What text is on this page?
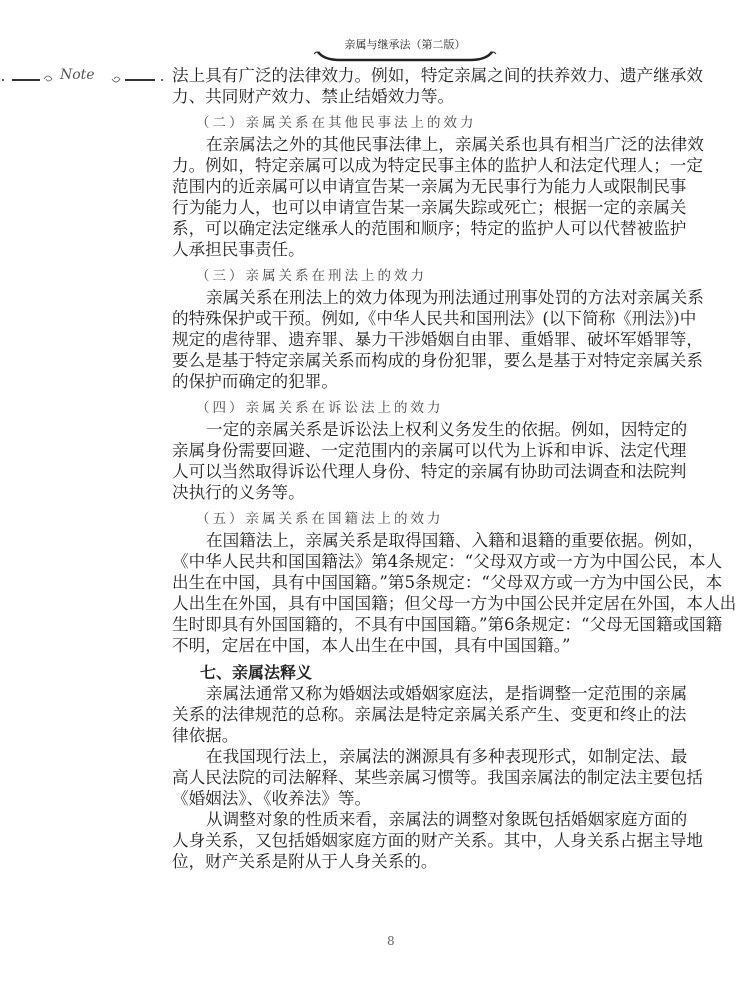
亲属与继承法（第二版）
Note	法上具有广泛的法律效力。例如，特定亲属之间的扶养效力、遗产继承效
力、共同财产效力、禁止结婚效力等。
（二）亲属关系在其他民事法上的效力
在亲属法之外的其他民事法律上，亲属关系也具有相当广泛的法律效
力。例如，特定亲属可以成为特定民事主体的监护人和法定代理人；一定
范围内的近亲属可以申请宣告某一亲属为无民事行为能力人或限制民事
行为能力人，也可以申请宣告某一亲属失踪或死亡；根据一定的亲属关
系，可以确定法定继承人的范围和顺序；特定的监护人可以代替被监护
人承担民事责任。
（三）亲属关系在刑法上的效力
亲属关系在刑法上的效力体现为刑法通过刑事处罚的方法对亲属关系
的特殊保护或干预。例如,《中华人民共和国刑法》(以下简称《刑法》)中
规定的虐待罪、遗弃罪、暴力干涉婚姻自由罪、重婚罪、破坏军婚罪等，
要么是基于特定亲属关系而构成的身份犯罪，要么是基于对特定亲属关系
的保护而确定的犯罪。
（四）亲属关系在诉讼法上的效力
一定的亲属关系是诉讼法上权利义务发生的依据。例如，因特定的
亲属身份需要回避、一定范围内的亲属可以代为上诉和申诉、法定代理
人可以当然取得诉讼代理人身份、特定的亲属有协助司法调查和法院判
决执行的义务等。
（五）亲属关系在国籍法上的效力
在国籍法上，亲属关系是取得国籍、入籍和退籍的重要依据。例如，
《中华人民共和国国籍法》第4条规定：“父母双方或一方为中国公民，本人
出生在中国，具有中国国籍。”第5条规定：“父母双方或一方为中国公民，本
人出生在外国，具有中国国籍；但父母一方为中国公民并定居在外国，本人出
生时即具有外国国籍的，不具有中国国籍。”第6条规定：“父母无国籍或国籍
不明，定居在中国，本人出生在中国，具有中国国籍。”
七、亲属法释义
亲属法通常又称为婚姻法或婚姻家庭法，是指调整一定范围的亲属
关系的法律规范的总称。亲属法是特定亲属关系产生、变更和终止的法
律依据。
在我国现行法上，亲属法的渊源具有多种表现形式，如制定法、最
高人民法院的司法解释、某些亲属习惯等。我国亲属法的制定法主要包括
《婚姻法》、《收养法》等。
从调整对象的性质来看，亲属法的调整对象既包括婚姻家庭方面的
人身关系，又包括婚姻家庭方面的财产关系。其中，人身关系占据主导地
位，财产关系是附从于人身关系的。
8
